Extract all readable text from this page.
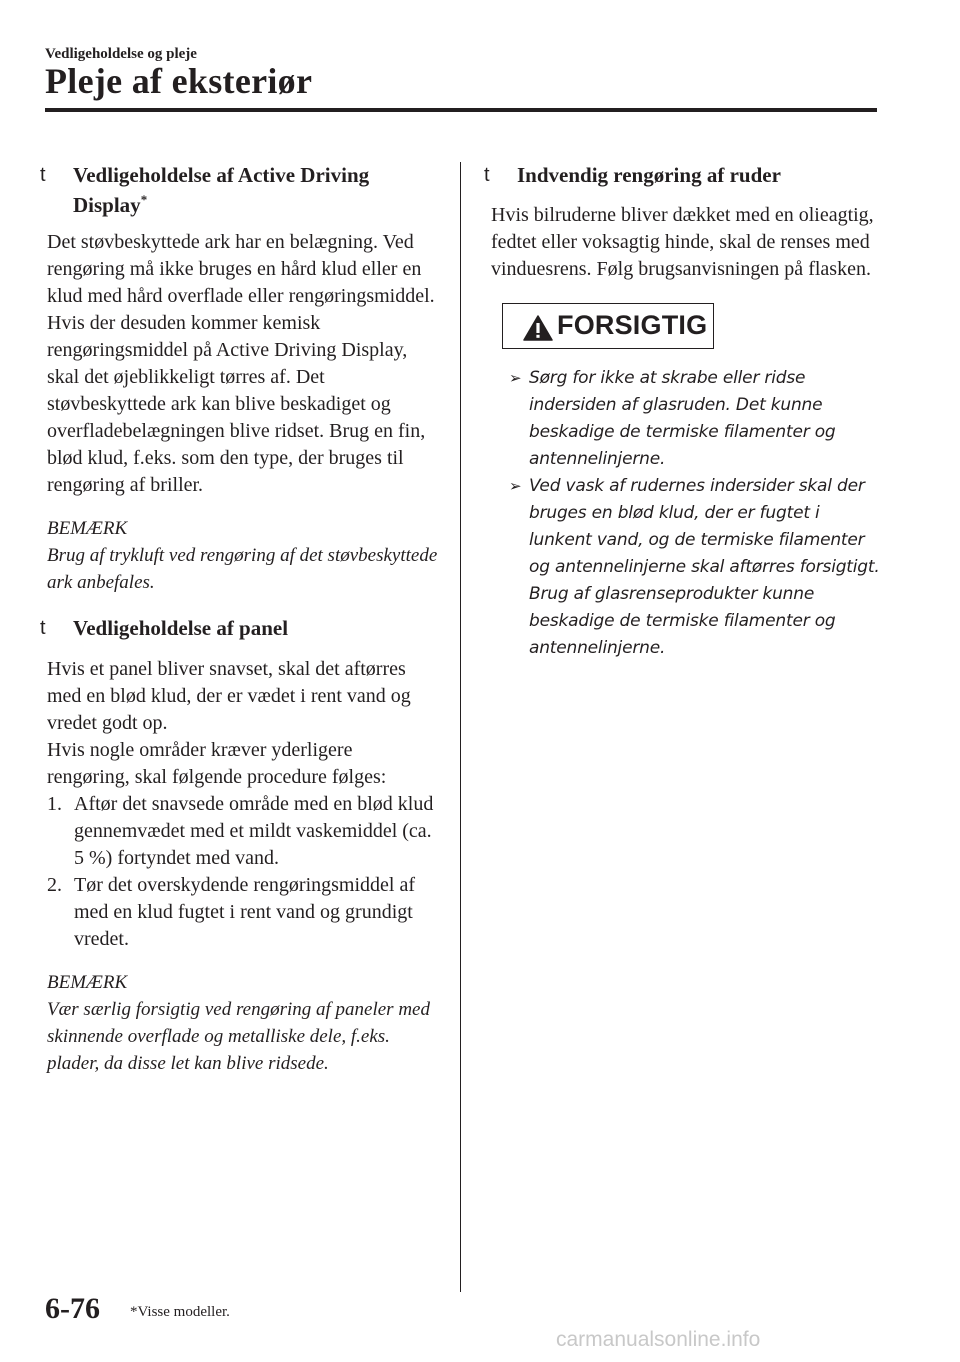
Vedligeholdelse og pleje
Pleje af eksteriør
t Vedligeholdelse af Active Driving Display*

Det støvbeskyttede ark har en belægning. Ved rengøring må ikke bruges en hård klud eller en klud med hård overflade eller rengøringsmiddel. Hvis der desuden kommer kemisk rengøringsmiddel på Active Driving Display, skal det øjeblikkeligt tørres af. Det støvbeskyttede ark kan blive beskadiget og overfladebelægningen blive ridset. Brug en fin, blød klud, f.eks. som den type, der bruges til rengøring af briller.

BEMÆRK

Brug af trykluft ved rengøring af det støvbeskyttede ark anbefales.

t Vedligeholdelse af panel

Hvis et panel bliver snavset, skal det aftørres med en blød klud, der er vædet i rent vand og vredet godt op.

Hvis nogle områder kræver yderligere rengøring, skal følgende procedure følges:

1. Aftør det snavsede område med en blød klud gennemvædet med et mildt vaskemiddel (ca. 5 %) fortyndet med vand.
2. Tør det overskydende rengøringsmiddel af med en klud fugtet i rent vand og grundigt vredet.

BEMÆRK

Vær særlig forsigtig ved rengøring af paneler med skinnende overflade og metalliske dele, f.eks. plader, da disse let kan blive ridsede.

t Indvendig rengøring af ruder

Hvis bilruderne bliver dækket med en olieagtig, fedtet eller voksagtig hinde, skal de renses med vinduesrens. Følg brugsanvisningen på flasken.

FORSIGTIG
➢ Sørg for ikke at skrabe eller ridse indersiden af glasruden. Det kunne beskadige de termiske filamenter og antennelinjerne.
➢ Ved vask af rudernes indersider skal der bruges en blød klud, der er fugtet i lunkent vand, og de termiske filamenter og antennelinjerne skal aftørres forsigtigt.
Brug af glasrenseprodukter kunne beskadige de termiske filamenter og antennelinjerne.
6-76 *Visse modeller.
carmanualsonline.info
